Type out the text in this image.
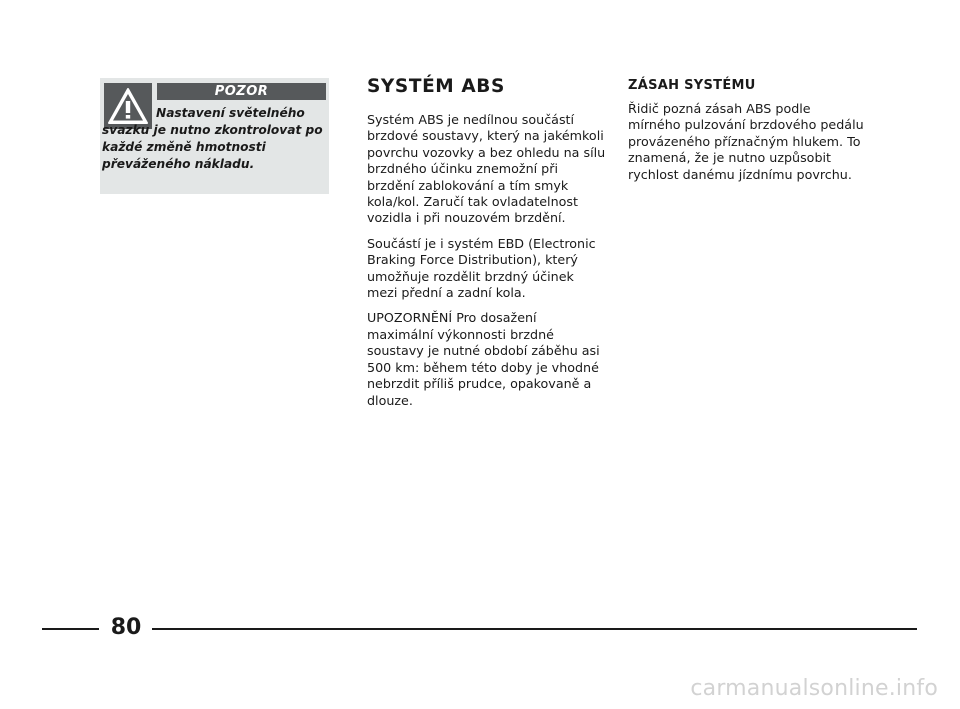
POZOR

Nastavení světelného svazku je nutno zkontrolovat po každé změně hmotnosti převáženého nákladu.

SYSTÉM ABS

Systém ABS je nedílnou součástí
brzdové soustavy, který na jakémkoli
povrchu vozovky a bez ohledu na sílu
brzdného účinku znemožní při
brzdění zablokování a tím smyk
kola/kol. Zaručí tak ovladatelnost
vozidla i při nouzovém brzdění.

Součástí je i systém EBD (Electronic
Braking Force Distribution), který
umožňuje rozdělit brzdný účinek
mezi přední a zadní kola.

UPOZORNĚNÍ Pro dosažení
maximální výkonnosti brzdné
soustavy je nutné období záběhu asi
500 km: během této doby je vhodné
nebrzdit příliš prudce, opakovaně a
dlouze.

ZÁSAH SYSTÉMU

Řidič pozná zásah ABS podle
mírného pulzování brzdového pedálu
provázeného příznačným hlukem. To
znamená, že je nutno uzpůsobit
rychlost danému jízdnímu povrchu.

80
carmanualsonline.info
